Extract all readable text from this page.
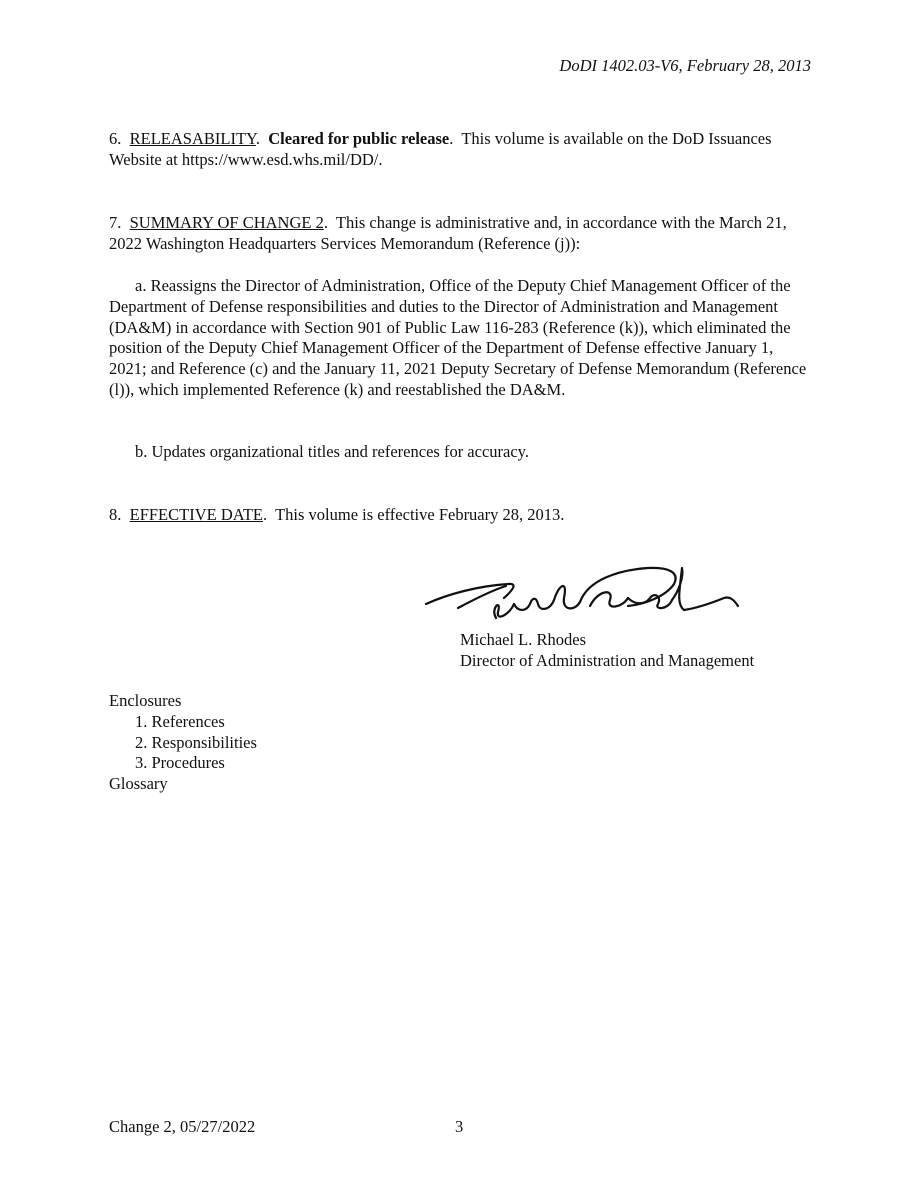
DoDI 1402.03-V6, February 28, 2013
6. RELEASABILITY.  Cleared for public release.  This volume is available on the DoD Issuances Website at https://www.esd.whs.mil/DD/.
7. SUMMARY OF CHANGE 2.  This change is administrative and, in accordance with the March 21, 2022 Washington Headquarters Services Memorandum (Reference (j)):
a. Reassigns the Director of Administration, Office of the Deputy Chief Management Officer of the Department of Defense responsibilities and duties to the Director of Administration and Management (DA&M) in accordance with Section 901 of Public Law 116-283 (Reference (k)), which eliminated the position of the Deputy Chief Management Officer of the Department of Defense effective January 1, 2021; and Reference (c) and the January 11, 2021 Deputy Secretary of Defense Memorandum (Reference (l)), which implemented Reference (k) and reestablished the DA&M.
b. Updates organizational titles and references for accuracy.
8. EFFECTIVE DATE.  This volume is effective February 28, 2013.
Michael L. Rhodes
Director of Administration and Management
Enclosures
1. References
2. Responsibilities
3. Procedures
Glossary
Change 2, 05/27/2022	3
